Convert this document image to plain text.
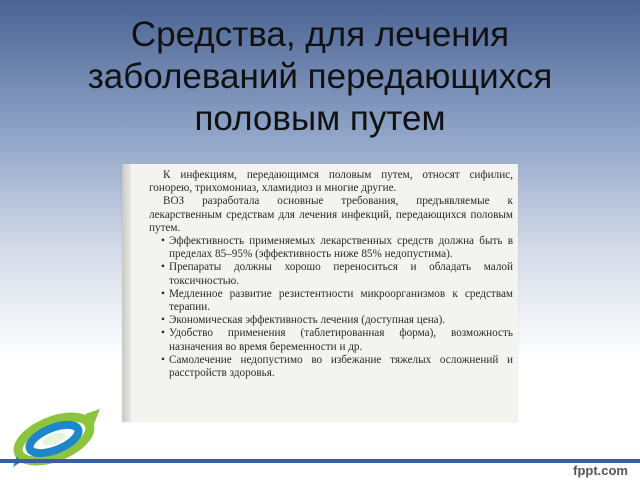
Средства, для лечения
заболеваний передающихся
половым путем

К инфекциям, передающимся половым путем, относят сифилис, гонорею, трихомониаз, хламидиоз и многие другие.

ВОЗ разработала основные требования, предъявляемые к лекарственным средствам для лечения инфекций, передающихся половым путем.

• Эффективность применяемых лекарственных средств должна быть в пределах 85–95% (эффективность ниже 85% недопустима).
• Препараты должны хорошо переноситься и обладать малой токсичностью.
• Медленное развитие резистентности микроорганизмов к средствам терапии.
• Экономическая эффективность лечения (доступная цена).
• Удобство применения (таблетированная форма), возможность назначения во время беременности и др.
• Самолечение недопустимо во избежание тяжелых осложнений и расстройств здоровья.
fppt.com
